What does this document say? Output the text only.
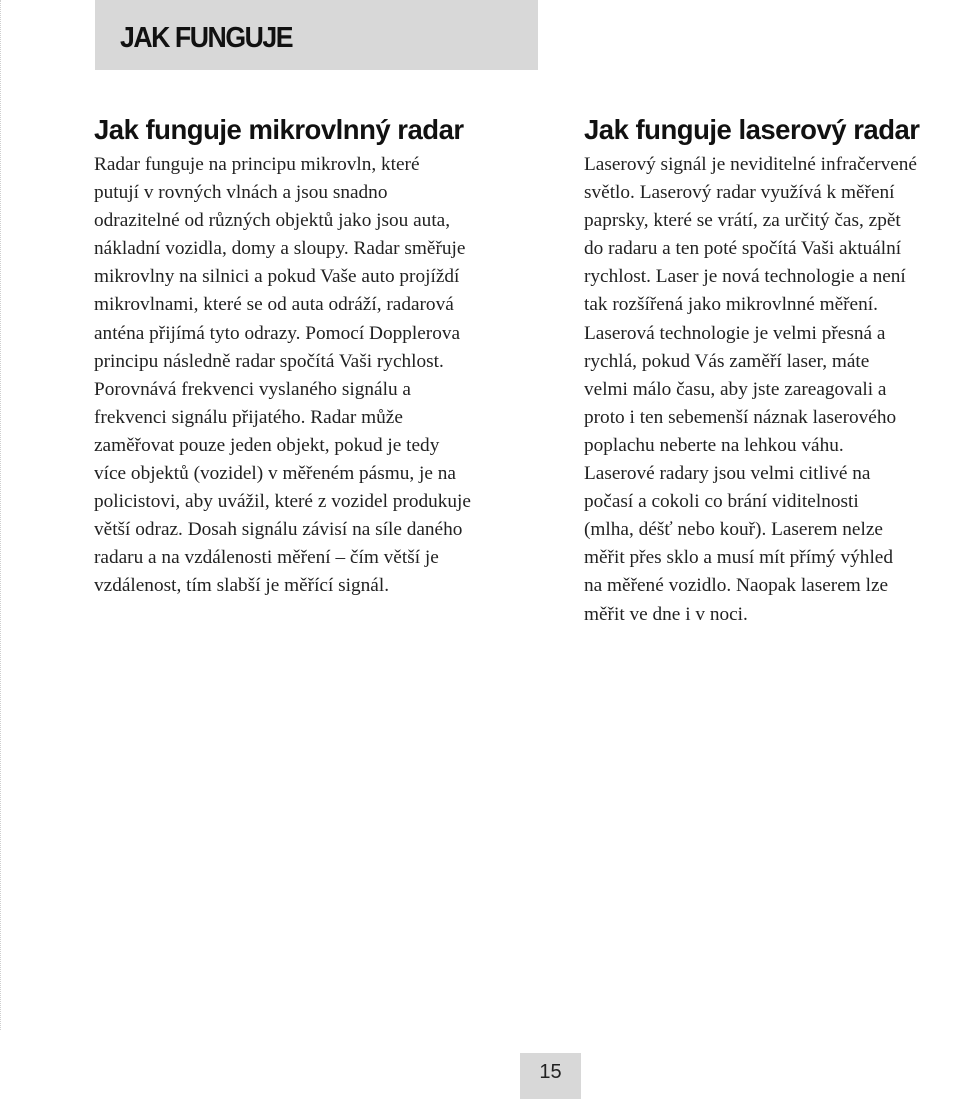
JAK FUNGUJE
Jak funguje mikrovlnný radar

Radar funguje na principu mikrovln, které
putují v rovných vlnách a jsou snadno
odrazitelné od různých objektů jako jsou auta,
nákladní vozidla, domy a sloupy. Radar směřuje
mikrovlny na silnici a pokud Vaše auto projíždí
mikrovlnami, které se od auta odráží, radarová
anténa přijímá tyto odrazy. Pomocí Dopplerova
principu následně radar spočítá Vaši rychlost.
Porovnává frekvenci vyslaného signálu a
frekvenci signálu přijatého. Radar může
zaměřovat pouze jeden objekt, pokud je tedy
více objektů (vozidel) v měřeném pásmu, je na
policistovi, aby uvážil, které z vozidel produkuje
větší odraz. Dosah signálu závisí na síle daného
radaru a na vzdálenosti měření – čím větší je
vzdálenost, tím slabší je měřící signál.

Jak funguje laserový radar

Laserový signál je neviditelné infračervené
světlo. Laserový radar využívá k měření
paprsky, které se vrátí, za určitý čas, zpět
do radaru a ten poté spočítá Vaši aktuální
rychlost. Laser je nová technologie a není
tak rozšířená jako mikrovlnné měření.
Laserová technologie je velmi přesná a
rychlá, pokud Vás zaměří laser, máte
velmi málo času, aby jste zareagovali a
proto i ten sebemenší náznak laserového
poplachu neberte na lehkou váhu.
Laserové radary jsou velmi citlivé na
počasí a cokoli co brání viditelnosti
(mlha, déšť nebo kouř). Laserem nelze
měřit přes sklo a musí mít přímý výhled
na měřené vozidlo. Naopak laserem lze
měřit ve dne i v noci.

15
